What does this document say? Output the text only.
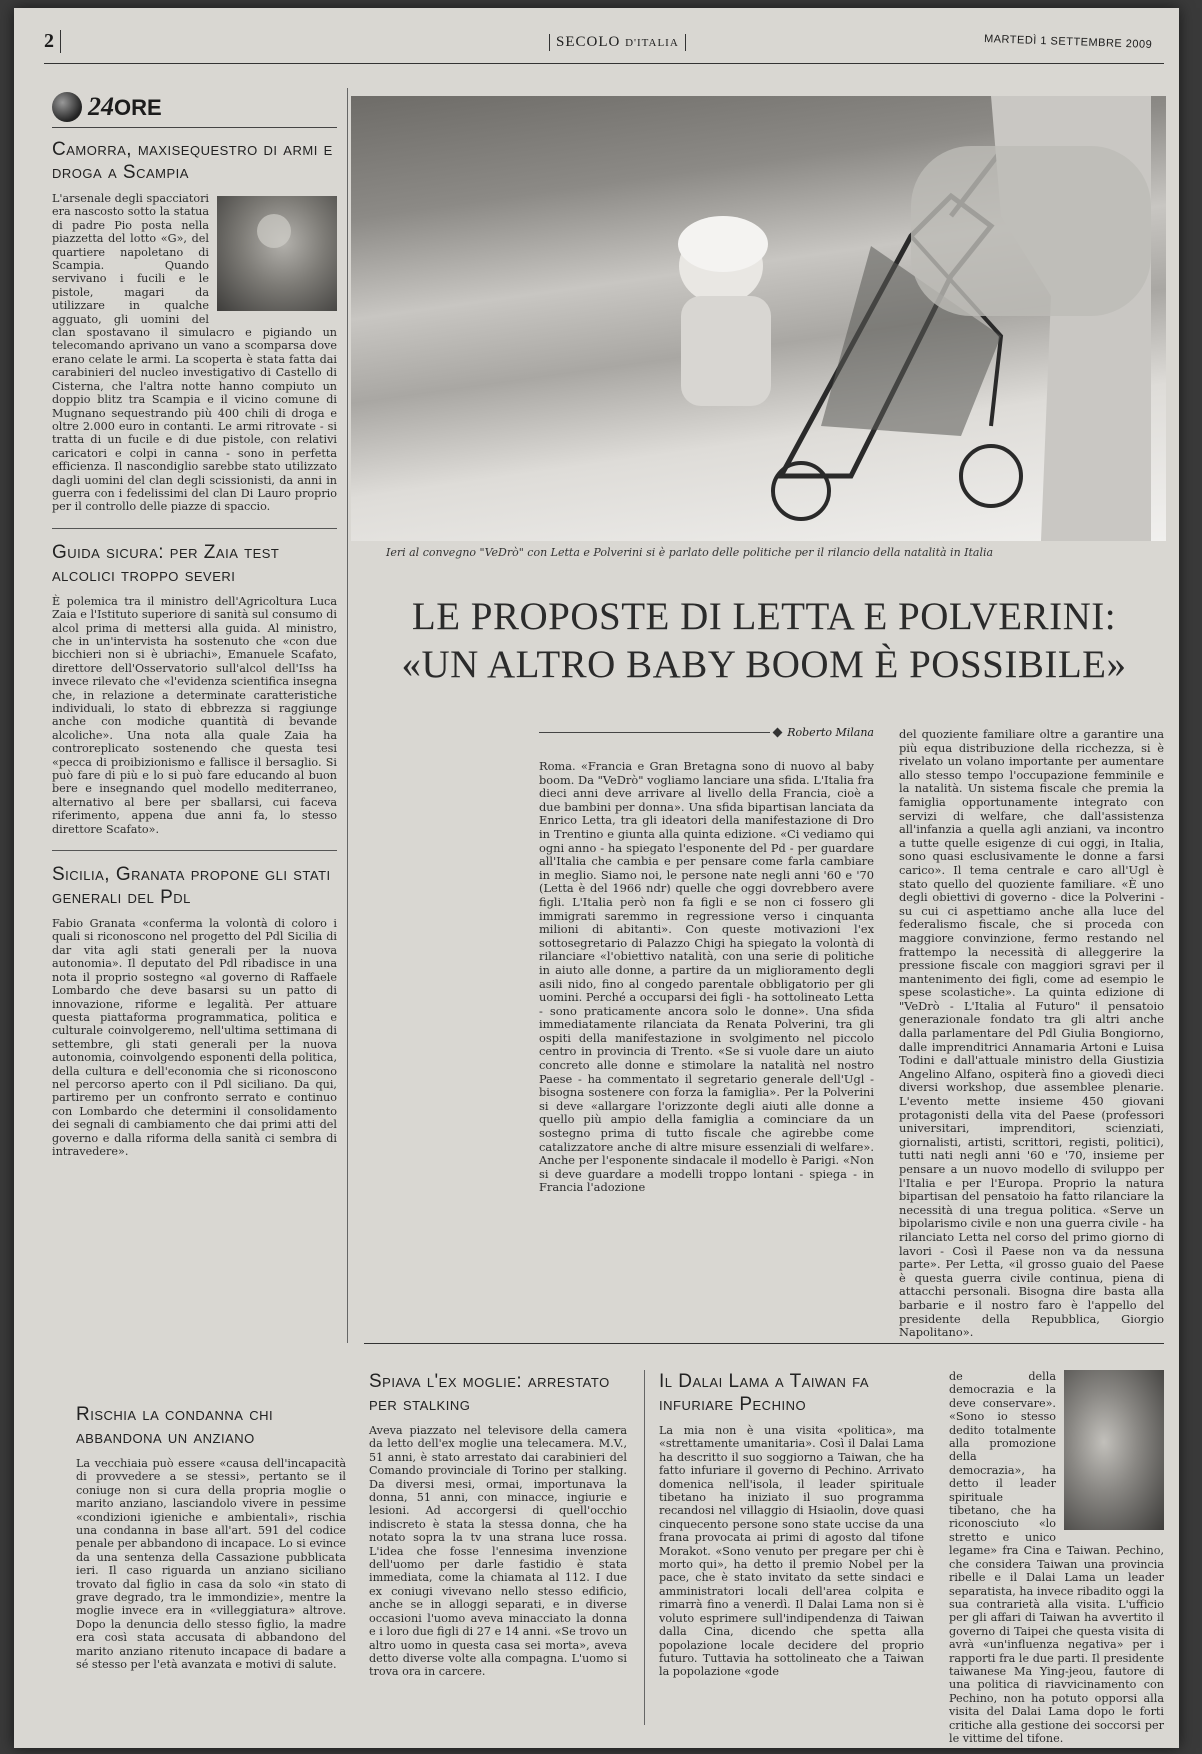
2	SECOLO D'ITALIA	MARTEDÌ 1 SETTEMBRE 2009
24ORE
Camorra, maxisequestro di armi e droga a Scampia
L'arsenale degli spacciatori era nascosto sotto la statua di padre Pio posta nella piazzetta del lotto «G», del quartiere napoletano di Scampia. Quando servivano i fucili e le pistole, magari da utilizzare in qualche agguato, gli uomini del clan spostavano il simulacro e pigiando un telecomando aprivano un vano a scomparsa dove erano celate le armi. La scoperta è stata fatta dai carabinieri del nucleo investigativo di Castello di Cisterna, che l'altra notte hanno compiuto un doppio blitz tra Scampia e il vicino comune di Mugnano sequestrando più 400 chili di droga e oltre 2.000 euro in contanti. Le armi ritrovate - si tratta di un fucile e di due pistole, con relativi caricatori e colpi in canna - sono in perfetta efficienza. Il nascondiglio sarebbe stato utilizzato dagli uomini del clan degli scissionisti, da anni in guerra con i fedelissimi del clan Di Lauro proprio per il controllo delle piazze di spaccio.
Guida sicura: per Zaia test alcolici troppo severi
È polemica tra il ministro dell'Agricoltura Luca Zaia e l'Istituto superiore di sanità sul consumo di alcol prima di mettersi alla guida. Al ministro, che in un'intervista ha sostenuto che «con due bicchieri non si è ubriachi», Emanuele Scafato, direttore dell'Osservatorio sull'alcol dell'Iss ha invece rilevato che «l'evidenza scientifica insegna che, in relazione a determinate caratteristiche individuali, lo stato di ebbrezza si raggiunge anche con modiche quantità di bevande alcoliche». Una nota alla quale Zaia ha controreplicato sostenendo che questa tesi «pecca di proibizionismo e fallisce il bersaglio. Si può fare di più e lo si può fare educando al buon bere e insegnando quel modello mediterraneo, alternativo al bere per sballarsi, cui faceva riferimento, appena due anni fa, lo stesso direttore Scafato».
Sicilia, Granata propone gli stati generali del Pdl
Fabio Granata «conferma la volontà di coloro i quali si riconoscono nel progetto del Pdl Sicilia di dar vita agli stati generali per la nuova autonomia». Il deputato del Pdl ribadisce in una nota il proprio sostegno «al governo di Raffaele Lombardo che deve basarsi su un patto di innovazione, riforme e legalità. Per attuare questa piattaforma programmatica, politica e culturale coinvolgeremo, nell'ultima settimana di settembre, gli stati generali per la nuova autonomia, coinvolgendo esponenti della politica, della cultura e dell'economia che si riconoscono nel percorso aperto con il Pdl siciliano. Da qui, partiremo per un confronto serrato e continuo con Lombardo che determini il consolidamento dei segnali di cambiamento che dai primi atti del governo e dalla riforma della sanità ci sembra di intravedere».
Ieri al convegno "VeDrò" con Letta e Polverini si è parlato delle politiche per il rilancio della natalità in Italia
LE PROPOSTE DI LETTA E POLVERINI:
«UN ALTRO BABY BOOM È POSSIBILE»
Roberto Milana
Roma. «Francia e Gran Bretagna sono di nuovo al baby boom. Da "VeDrò" vogliamo lanciare una sfida. L'Italia fra dieci anni deve arrivare al livello della Francia, cioè a due bambini per donna». Una sfida bipartisan lanciata da Enrico Letta, tra gli ideatori della manifestazione di Dro in Trentino e giunta alla quinta edizione. «Ci vediamo qui ogni anno - ha spiegato l'esponente del Pd - per guardare all'Italia che cambia e per pensare come farla cambiare in meglio. Siamo noi, le persone nate negli anni '60 e '70 (Letta è del 1966 ndr) quelle che oggi dovrebbero avere figli. L'Italia però non fa figli e se non ci fossero gli immigrati saremmo in regressione verso i cinquanta milioni di abitanti». Con queste motivazioni l'ex sottosegretario di Palazzo Chigi ha spiegato la volontà di rilanciare «l'obiettivo natalità, con una serie di politiche in aiuto alle donne, a partire da un miglioramento degli asili nido, fino al congedo parentale obbligatorio per gli uomini. Perché a occuparsi dei figli - ha sottolineato Letta - sono praticamente ancora solo le donne». Una sfida immediatamente rilanciata da Renata Polverini, tra gli ospiti della manifestazione in svolgimento nel piccolo centro in provincia di Trento. «Se si vuole dare un aiuto concreto alle donne e stimolare la natalità nel nostro Paese - ha commentato il segretario generale dell'Ugl - bisogna sostenere con forza la famiglia». Per la Polverini si deve «allargare l'orizzonte degli aiuti alle donne a quello più ampio della famiglia a cominciare da un sostegno prima di tutto fiscale che agirebbe come catalizzatore anche di altre misure essenziali di welfare». Anche per l'esponente sindacale il modello è Parigi. «Non si deve guardare a modelli troppo lontani - spiega - in Francia l'adozione
del quoziente familiare oltre a garantire una più equa distribuzione della ricchezza, si è rivelato un volano importante per aumentare allo stesso tempo l'occupazione femminile e la natalità. Un sistema fiscale che premia la famiglia opportunamente integrato con servizi di welfare, che dall'assistenza all'infanzia a quella agli anziani, va incontro a tutte quelle esigenze di cui oggi, in Italia, sono quasi esclusivamente le donne a farsi carico». Il tema centrale e caro all'Ugl è stato quello del quoziente familiare. «È uno degli obiettivi di governo - dice la Polverini - su cui ci aspettiamo anche alla luce del federalismo fiscale, che si proceda con maggiore convinzione, fermo restando nel frattempo la necessità di alleggerire la pressione fiscale con maggiori sgravi per il mantenimento dei figli, come ad esempio le spese scolastiche». La quinta edizione di "VeDrò - L'Italia al Futuro" il pensatoio generazionale fondato tra gli altri anche dalla parlamentare del Pdl Giulia Bongiorno, dalle imprenditrici Annamaria Artoni e Luisa Todini e dall'attuale ministro della Giustizia Angelino Alfano, ospiterà fino a giovedì dieci diversi workshop, due assemblee plenarie. L'evento mette insieme 450 giovani protagonisti della vita del Paese (professori universitari, imprenditori, scienziati, giornalisti, artisti, scrittori, registi, politici), tutti nati negli anni '60 e '70, insieme per pensare a un nuovo modello di sviluppo per l'Italia e per l'Europa. Proprio la natura bipartisan del pensatoio ha fatto rilanciare la necessità di una tregua politica. «Serve un bipolarismo civile e non una guerra civile - ha rilanciato Letta nel corso del primo giorno di lavori - Così il Paese non va da nessuna parte». Per Letta, «il grosso guaio del Paese è questa guerra civile continua, piena di attacchi personali. Bisogna dire basta alla barbarie e il nostro faro è l'appello del presidente della Repubblica, Giorgio Napolitano».
Rischia la condanna chi abbandona un anziano
La vecchiaia può essere «causa dell'incapacità di provvedere a se stessi», pertanto se il coniuge non si cura della propria moglie o marito anziano, lasciandolo vivere in pessime «condizioni igieniche e ambientali», rischia una condanna in base all'art. 591 del codice penale per abbandono di incapace. Lo si evince da una sentenza della Cassazione pubblicata ieri. Il caso riguarda un anziano siciliano trovato dal figlio in casa da solo «in stato di grave degrado, tra le immondizie», mentre la moglie invece era in «villeggiatura» altrove. Dopo la denuncia dello stesso figlio, la madre era così stata accusata di abbandono del marito anziano ritenuto incapace di badare a sé stesso per l'età avanzata e motivi di salute.
Spiava l'ex moglie: arrestato per stalking
Aveva piazzato nel televisore della camera da letto dell'ex moglie una telecamera. M.V., 51 anni, è stato arrestato dai carabinieri del Comando provinciale di Torino per stalking. Da diversi mesi, ormai, importunava la donna, 51 anni, con minacce, ingiurie e lesioni. Ad accorgersi di quell'occhio indiscreto è stata la stessa donna, che ha notato sopra la tv una strana luce rossa. L'idea che fosse l'ennesima invenzione dell'uomo per darle fastidio è stata immediata, come la chiamata al 112. I due ex coniugi vivevano nello stesso edificio, anche se in alloggi separati, e in diverse occasioni l'uomo aveva minacciato la donna e i loro due figli di 27 e 14 anni. «Se trovo un altro uomo in questa casa sei morta», aveva detto diverse volte alla compagna. L'uomo si trova ora in carcere.
Il Dalai Lama a Taiwan fa infuriare Pechino
La mia non è una visita «politica», ma «strettamente umanitaria». Così il Dalai Lama ha descritto il suo soggiorno a Taiwan, che ha fatto infuriare il governo di Pechino. Arrivato domenica nell'isola, il leader spirituale tibetano ha iniziato il suo programma recandosi nel villaggio di Hsiaolin, dove quasi cinquecento persone sono state uccise da una frana provocata ai primi di agosto dal tifone Morakot. «Sono venuto per pregare per chi è morto qui», ha detto il premio Nobel per la pace, che è stato invitato da sette sindaci e amministratori locali dell'area colpita e rimarrà fino a venerdì. Il Dalai Lama non si è voluto esprimere sull'indipendenza di Taiwan dalla Cina, dicendo che spetta alla popolazione locale decidere del proprio futuro. Tuttavia ha sottolineato che a Taiwan la popolazione «gode
de della democrazia e la deve conservare». «Sono io stesso dedito totalmente alla promozione della democrazia», ha detto il leader spirituale tibetano, che ha riconosciuto «lo stretto e unico legame» fra Cina e Taiwan. Pechino, che considera Taiwan una provincia ribelle e il Dalai Lama un leader separatista, ha invece ribadito oggi la sua contrarietà alla visita. L'ufficio per gli affari di Taiwan ha avvertito il governo di Taipei che questa visita di avrà «un'influenza negativa» per i rapporti fra le due parti. Il presidente taiwanese Ma Ying-jeou, fautore di una politica di riavvicinamento con Pechino, non ha potuto opporsi alla visita del Dalai Lama dopo le forti critiche alla gestione dei soccorsi per le vittime del tifone.
